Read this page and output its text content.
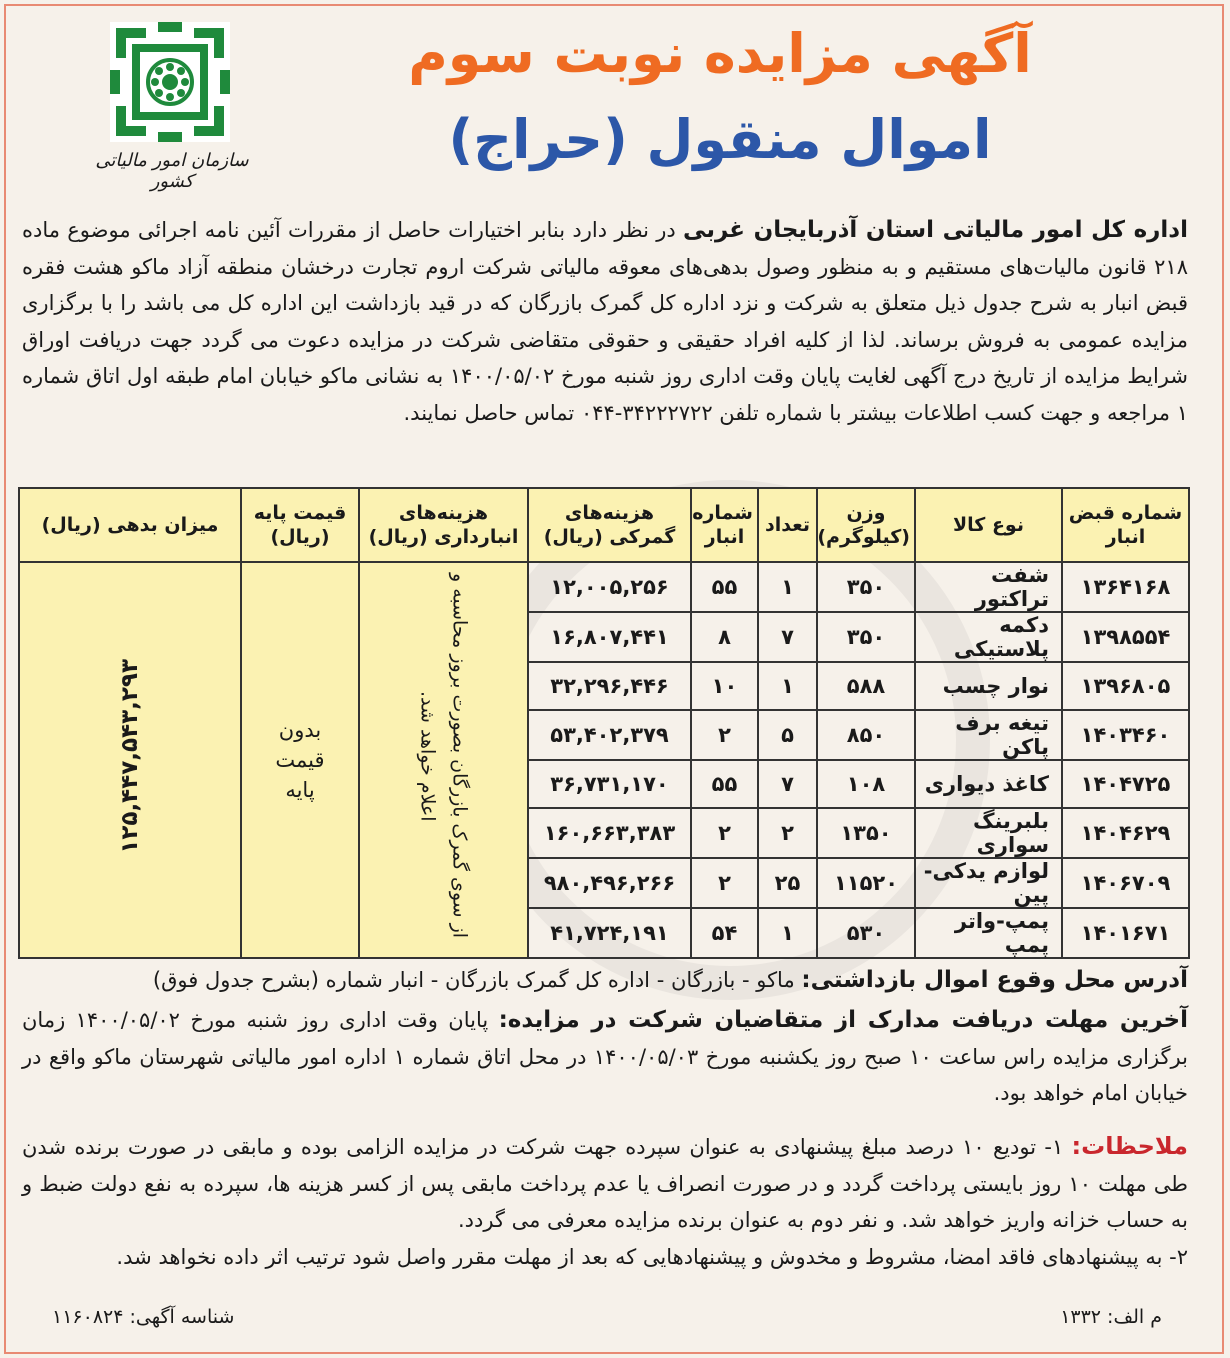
سازمان امور مالیاتی کشور
آگهی مزایده نوبت سوم
(حراج) اموال منقول
اداره کل امور مالیاتی استان آذربایجان غربی در نظر دارد بنابر اختیارات حاصل از مقررات آئین نامه اجرائی موضوع ماده ۲۱۸ قانون مالیات‌های مستقیم و به منظور وصول بدهی‌های معوقه مالیاتی شرکت اروم تجارت درخشان منطقه آزاد ماکو هشت فقره قبض انبار به شرح جدول ذیل متعلق به شرکت و نزد اداره کل گمرک بازرگان که در قید بازداشت این اداره کل می باشد را با برگزاری مزایده عمومی به فروش برساند. لذا از کلیه افراد حقیقی و حقوقی متقاضی شرکت در مزایده دعوت می گردد جهت دریافت اوراق شرایط مزایده از تاریخ درج آگهی لغایت پایان وقت اداری روز شنبه مورخ ۱۴۰۰/۰۵/۰۲ به نشانی ماکو خیابان امام طبقه اول اتاق شماره ۱ مراجعه و جهت کسب اطلاعات بیشتر با شماره تلفن ۳۴۲۲۲۷۲۲-۰۴۴ تماس حاصل نمایند.
شماره قبض انبار	نوع کالا	وزن (کیلوگرم)	تعداد	شماره انبار	هزینه‌های گمرکی (ریال)	هزینه‌های انبارداری (ریال)	قیمت پایه (ریال)	میزان بدهی (ریال)
۱۳۶۴۱۶۸	شفت تراکتور	۳۵۰	۱	۵۵	۱۲,۰۰۵,۲۵۶	از سوی گمرک بازرگان بصورت بروز محاسبه و اعلام خواهد شد.	بدون قیمت پایه	۱۲۵,۴۴۷,۵۴۳,۲۹۳
۱۳۹۸۵۵۴	دکمه پلاستیکی	۳۵۰	۷	۸	۱۶,۸۰۷,۴۴۱			
۱۳۹۶۸۰۵	نوار چسب	۵۸۸	۱	۱۰	۳۲,۲۹۶,۴۴۶			
۱۴۰۳۴۶۰	تیغه برف پاکن	۸۵۰	۵	۲	۵۳,۴۰۲,۳۷۹			
۱۴۰۴۷۲۵	کاغذ دیواری	۱۰۸	۷	۵۵	۳۶,۷۳۱,۱۷۰			
۱۴۰۴۶۲۹	بلبرینگ سواری	۱۳۵۰	۲	۲	۱۶۰,۶۶۳,۳۸۳			
۱۴۰۶۷۰۹	لوازم یدکی-پین	۱۱۵۲۰	۲۵	۲	۹۸۰,۴۹۶,۲۶۶			
۱۴۰۱۶۷۱	پمپ-واتر پمپ	۵۳۰	۱	۵۴	۴۱,۷۲۴,۱۹۱			
آدرس محل وقوع اموال بازداشتی: ماکو - بازرگان - اداره کل گمرک بازرگان - انبار شماره (بشرح جدول فوق)
آخرین مهلت دریافت مدارک از متقاضیان شرکت در مزایده: پایان وقت اداری روز شنبه مورخ ۱۴۰۰/۰۵/۰۲ زمان برگزاری مزایده راس ساعت ۱۰ صبح روز یکشنبه مورخ ۱۴۰۰/۰۵/۰۳ در محل اتاق شماره ۱ اداره امور مالیاتی شهرستان ماکو واقع در خیابان امام خواهد بود.
ملاحظات: ۱- تودیع ۱۰ درصد مبلغ پیشنهادی به عنوان سپرده جهت شرکت در مزایده الزامی بوده و مابقی در صورت برنده شدن طی مهلت ۱۰ روز بایستی پرداخت گردد و در صورت انصراف یا عدم پرداخت مابقی پس از کسر هزینه ها، سپرده به نفع دولت ضبط و به حساب خزانه واریز خواهد شد. و نفر دوم به عنوان برنده مزایده معرفی می گردد.
۲- به پیشنهادهای فاقد امضا، مشروط و مخدوش و پیشنهادهایی که بعد از مهلت مقرر واصل شود ترتیب اثر داده نخواهد شد.
شناسه آگهی: ۱۱۶۰۸۲۴	م الف: ۱۳۳۲
